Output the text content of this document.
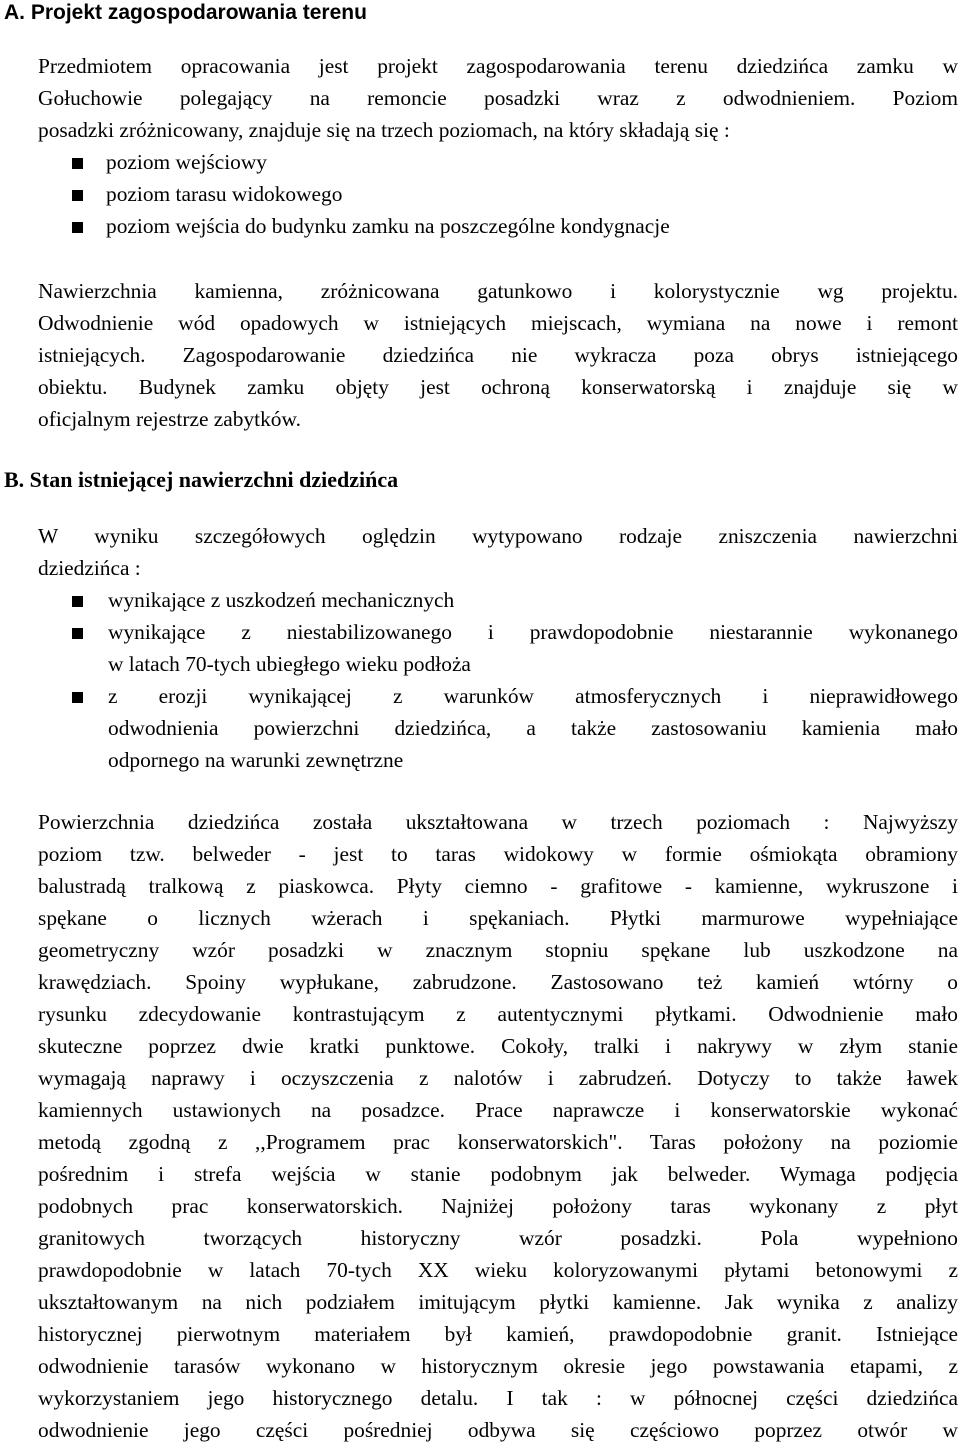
A. Projekt zagospodarowania terenu
Przedmiotem opracowania jest projekt zagospodarowania terenu dziedzińca zamku w
Gołuchowie polegający na remoncie posadzki wraz z odwodnieniem. Poziom
posadzki zróżnicowany, znajduje się na trzech poziomach, na który składają się :
poziom wejściowy
poziom tarasu widokowego
poziom wejścia do budynku zamku na poszczególne kondygnacje
Nawierzchnia kamienna, zróżnicowana gatunkowo i kolorystycznie wg projektu.
Odwodnienie wód opadowych w istniejących miejscach, wymiana na nowe i remont
istniejących. Zagospodarowanie dziedzińca nie wykracza poza obrys istniejącego
obiektu. Budynek zamku objęty jest ochroną konserwatorską i znajduje się w
oficjalnym rejestrze zabytków.
B. Stan istniejącej nawierzchni dziedzińca
W wyniku szczegółowych oględzin wytypowano rodzaje zniszczenia nawierzchni
dziedzińca :
wynikające z uszkodzeń mechanicznych
wynikające z niestabilizowanego i prawdopodobnie niestarannie wykonanego
w latach 70-tych ubiegłego wieku podłoża
z erozji wynikającej z warunków atmosferycznych i nieprawidłowego
odwodnienia powierzchni dziedzińca, a także zastosowaniu kamienia mało
odpornego na warunki zewnętrzne
Powierzchnia dziedzińca została ukształtowana w trzech poziomach : Najwyższy
poziom tzw. belweder - jest to taras widokowy w formie ośmiokąta obramiony
balustradą tralkową z piaskowca. Płyty ciemno - grafitowe - kamienne, wykruszone i
spękane o licznych wżerach i spękaniach. Płytki marmurowe wypełniające
geometryczny wzór posadzki w znacznym stopniu spękane lub uszkodzone na
krawędziach. Spoiny wypłukane, zabrudzone. Zastosowano też kamień wtórny o
rysunku zdecydowanie kontrastującym z autentycznymi płytkami. Odwodnienie mało
skuteczne poprzez dwie kratki punktowe. Cokoły, tralki i nakrywy w złym stanie
wymagają naprawy i oczyszczenia z nalotów i zabrudzeń. Dotyczy to także ławek
kamiennych ustawionych na posadzce. Prace naprawcze i konserwatorskie wykonać
metodą zgodną z ,,Programem prac konserwatorskich". Taras położony na poziomie
pośrednim i strefa wejścia w stanie podobnym jak belweder. Wymaga podjęcia
podobnych prac konserwatorskich. Najniżej położony taras wykonany z płyt
granitowych tworzących historyczny wzór posadzki. Pola wypełniono
prawdopodobnie w latach 70-tych XX wieku koloryzowanymi płytami betonowymi z
ukształtowanym na nich podziałem imitującym płytki kamienne. Jak wynika z analizy
historycznej pierwotnym materiałem był kamień, prawdopodobnie granit. Istniejące
odwodnienie tarasów wykonano w historycznym okresie jego powstawania etapami, z
wykorzystaniem jego historycznego detalu. I tak : w północnej części dziedzińca
odwodnienie jego części pośredniej odbywa się częściowo poprzez otwór w
